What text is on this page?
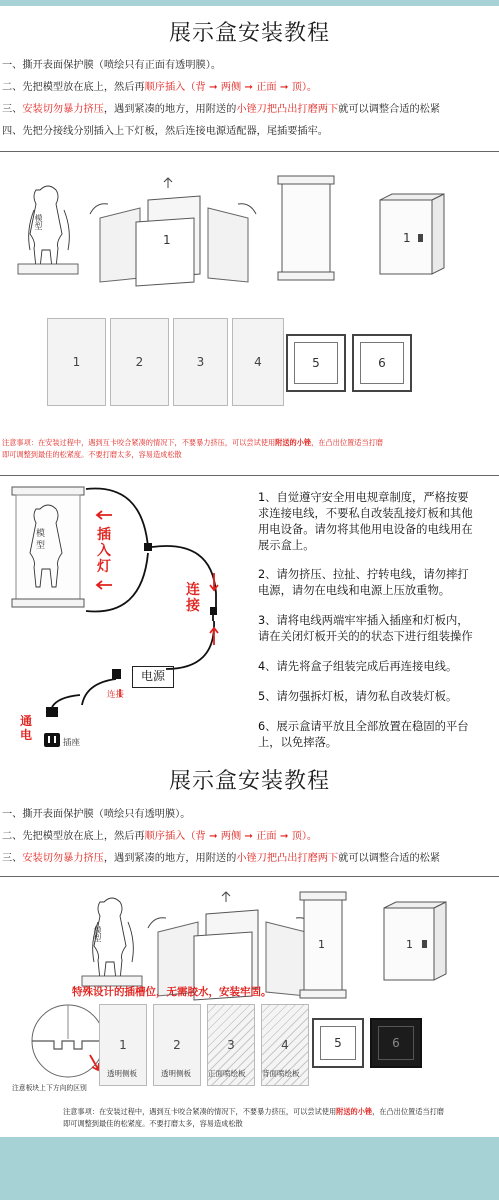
展示盒安装教程
一、撕开表面保护膜（喷绘只有正面有透明膜）。
二、先把模型放在底上，然后再顺序插入（背 ➞ 两侧 ➞ 正面 ➞ 顶）。
三、安装切勿暴力挤压，遇到紧凑的地方，用附送的小锉刀把凸出打磨两下就可以调整合适的松紧
四、先把分接线分别插入上下灯板，然后连接电源适配器，尾插要插牢。
模型
1	1
1	2	3	4	5	6
注意事项：在安装过程中，遇到互卡咬合紧凑的情况下，不要暴力挤压，可以尝试使用附送的小锉，在凸出位置适当打磨
即可调整到最佳的松紧度。不要打磨太多，容易造成松散
模型
插
入
灯
连
接
电源
连接
通
电
插座
1、自觉遵守安全用电规章制度，严格按要
求连接电线，不要私自改装乱接灯板和其他
用电设备。请勿将其他用电设备的电线用在
展示盒上。
2、请勿挤压、拉扯、拧转电线，请勿摔打
电源，请勿在电线和电源上压放重物。
3、请将电线两端牢牢插入插座和灯板内，
请在关闭灯板开关的的状态下进行组装操作
4、请先将盒子组装完成后再连接电线。
5、请勿强拆灯板，请勿私自改装灯板。
6、展示盒请平放且全部放置在稳固的平台
上，以免摔落。
展示盒安装教程
一、撕开表面保护膜（喷绘只有透明膜）。
二、先把模型放在底上，然后再顺序插入（背 ➞ 两侧 ➞ 正面 ➞ 顶）。
三、安装切勿暴力挤压，遇到紧凑的地方，用附送的小锉刀把凸出打磨两下就可以调整合适的松紧
模型
1	1
特殊设计的插槽位，无需胶水，安装牢固。
注意板块上下方向的区别
1	2	3	4	5	6
透明侧板	透明侧板 正面喷绘板 背面喷绘板
注意事项：在安装过程中，遇到互卡咬合紧凑的情况下，不要暴力挤压，可以尝试使用附送的小锉，在凸出位置适当打磨
即可调整到最佳的松紧度。不要打磨太多，容易造成松散
